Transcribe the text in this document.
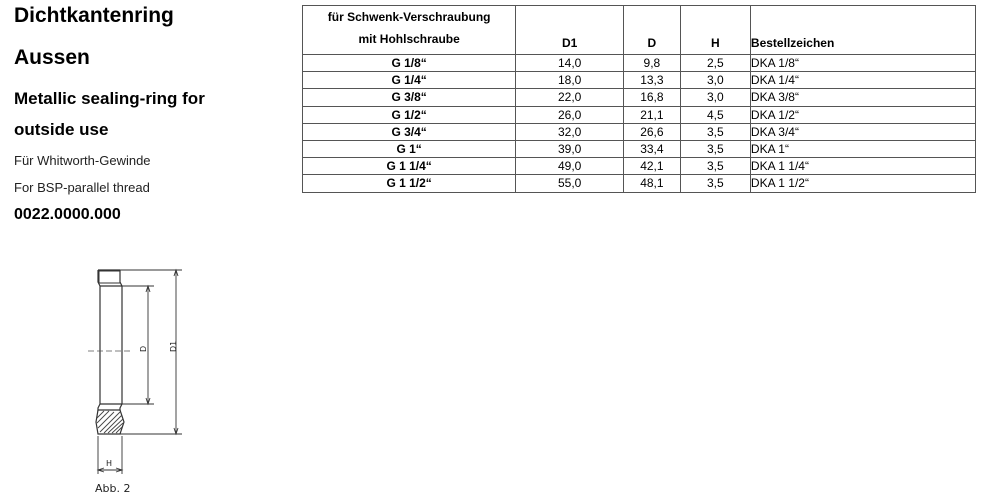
Dichtkantenring
Aussen
Metallic sealing-ring for
outside use
Für Whitworth-Gewinde
For BSP-parallel thread
0022.0000.000
für Schwenk-Verschraubung
mit Hohlschraube	D1	D	H	Bestellzeichen
G 1/8“	14,0	9,8	2,5	DKA 1/8“
G 1/4“	18,0	13,3	3,0	DKA 1/4“
G 3/8“	22,0	16,8	3,0	DKA 3/8“
G 1/2“	26,0	21,1	4,5	DKA 1/2“
G 3/4“	32,0	26,6	3,5	DKA 3/4“
G 1“	39,0	33,4	3,5	DKA 1“
G 1 1/4“	49,0	42,1	3,5	DKA 1 1/4“
G 1 1/2“	55,0	48,1	3,5	DKA 1 1/2“
D	D1
H
Abb. 2
